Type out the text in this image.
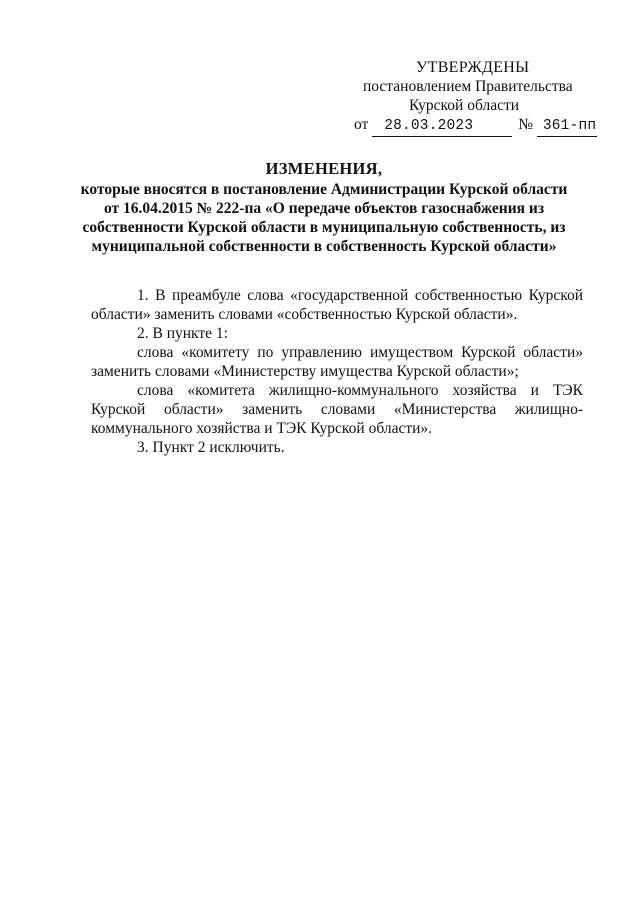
УТВЕРЖДЕНЫ
постановлением Правительства
Курской области
от 28.03.2023	№ 361-пп
ИЗМЕНЕНИЯ,
которые вносятся в постановление Администрации Курской области
от 16.04.2015 № 222-па «О передаче объектов газоснабжения из
собственности Курской области в муниципальную собственность, из
муниципальной собственности в собственность Курской области»

1. В преамбуле слова «государственной собственностью Курской области» заменить словами «собственностью Курской области».

2. В пункте 1:

слова «комитету по управлению имуществом Курской области» заменить словами «Министерству имущества Курской области»;

слова «комитета жилищно-коммунального хозяйства и ТЭК Курской области» заменить словами «Министерства жилищно-коммунального хозяйства и ТЭК Курской области».

3. Пункт 2 исключить.
